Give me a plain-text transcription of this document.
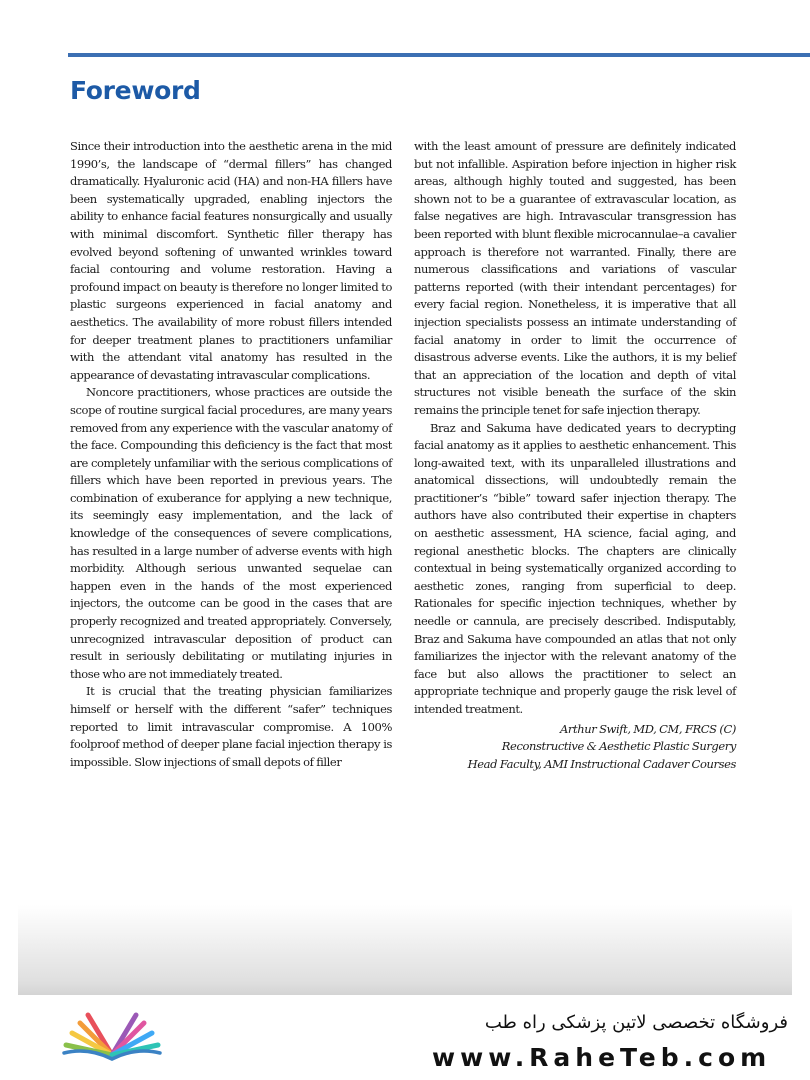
Foreword

Since their introduction into the aesthetic arena in the mid 1990’s, the landscape of “dermal fillers” has changed dramatically. Hyaluronic acid (HA) and non-HA fillers have been systematically upgraded, enabling injectors the ability to enhance facial features nonsurgically and usually with minimal discomfort. Synthetic filler therapy has evolved beyond softening of unwanted wrinkles toward facial contouring and volume restoration. Having a profound impact on beauty is therefore no longer limited to plastic surgeons experienced in facial anatomy and aesthetics. The availability of more robust fillers intended for deeper treatment planes to practitioners unfamiliar with the attendant vital anatomy has resulted in the appearance of devastating intravascular complications.

Noncore practitioners, whose practices are outside the scope of routine surgical facial procedures, are many years removed from any experience with the vascular anatomy of the face. Compounding this deficiency is the fact that most are completely unfamiliar with the serious complications of fillers which have been reported in previous years. The combination of exuberance for applying a new technique, its seemingly easy implementation, and the lack of knowledge of the consequences of severe complications, has resulted in a large number of adverse events with high morbidity. Although serious unwanted sequelae can happen even in the hands of the most experienced injectors, the outcome can be good in the cases that are properly recognized and treated appropriately. Conversely, unrecognized intravascular deposition of product can result in seriously debilitating or mutilating injuries in those who are not immediately treated.

It is crucial that the treating physician familiarizes himself or herself with the different “safer” techniques reported to limit intravascular compromise. A 100% foolproof method of deeper plane facial injection therapy is impossible. Slow injections of small depots of filler

with the least amount of pressure are definitely indicated but not infallible. Aspiration before injection in higher risk areas, although highly touted and suggested, has been shown not to be a guarantee of extravascular location, as false negatives are high. Intravascular transgression has been reported with blunt flexible microcannulae–a cavalier approach is therefore not warranted. Finally, there are numerous classifications and variations of vascular patterns reported (with their intendant percentages) for every facial region. Nonetheless, it is imperative that all injection specialists possess an intimate understanding of facial anatomy in order to limit the occurrence of disastrous adverse events. Like the authors, it is my belief that an appreciation of the location and depth of vital structures not visible beneath the surface of the skin remains the principle tenet for safe injection therapy.

Braz and Sakuma have dedicated years to decrypting facial anatomy as it applies to aesthetic enhancement. This long-awaited text, with its unparalleled illustrations and anatomical dissections, will undoubtedly remain the practitioner’s “bible” toward safer injection therapy. The authors have also contributed their expertise in chapters on aesthetic assessment, HA science, facial aging, and regional anesthetic blocks. The chapters are clinically contextual in being systematically organized according to aesthetic zones, ranging from superficial to deep. Rationales for specific injection techniques, whether by needle or cannula, are precisely described. Indisputably, Braz and Sakuma have compounded an atlas that not only familiarizes the injector with the relevant anatomy of the face but also allows the practitioner to select an appropriate technique and properly gauge the risk level of intended treatment.

Arthur Swift, MD, CM, FRCS (C)
Reconstructive & Aesthetic Plastic Surgery
Head Faculty, AMI Instructional Cadaver Courses
فروشگاه تخصصی لاتین پزشکی راه طب
www.RaheTeb.com
